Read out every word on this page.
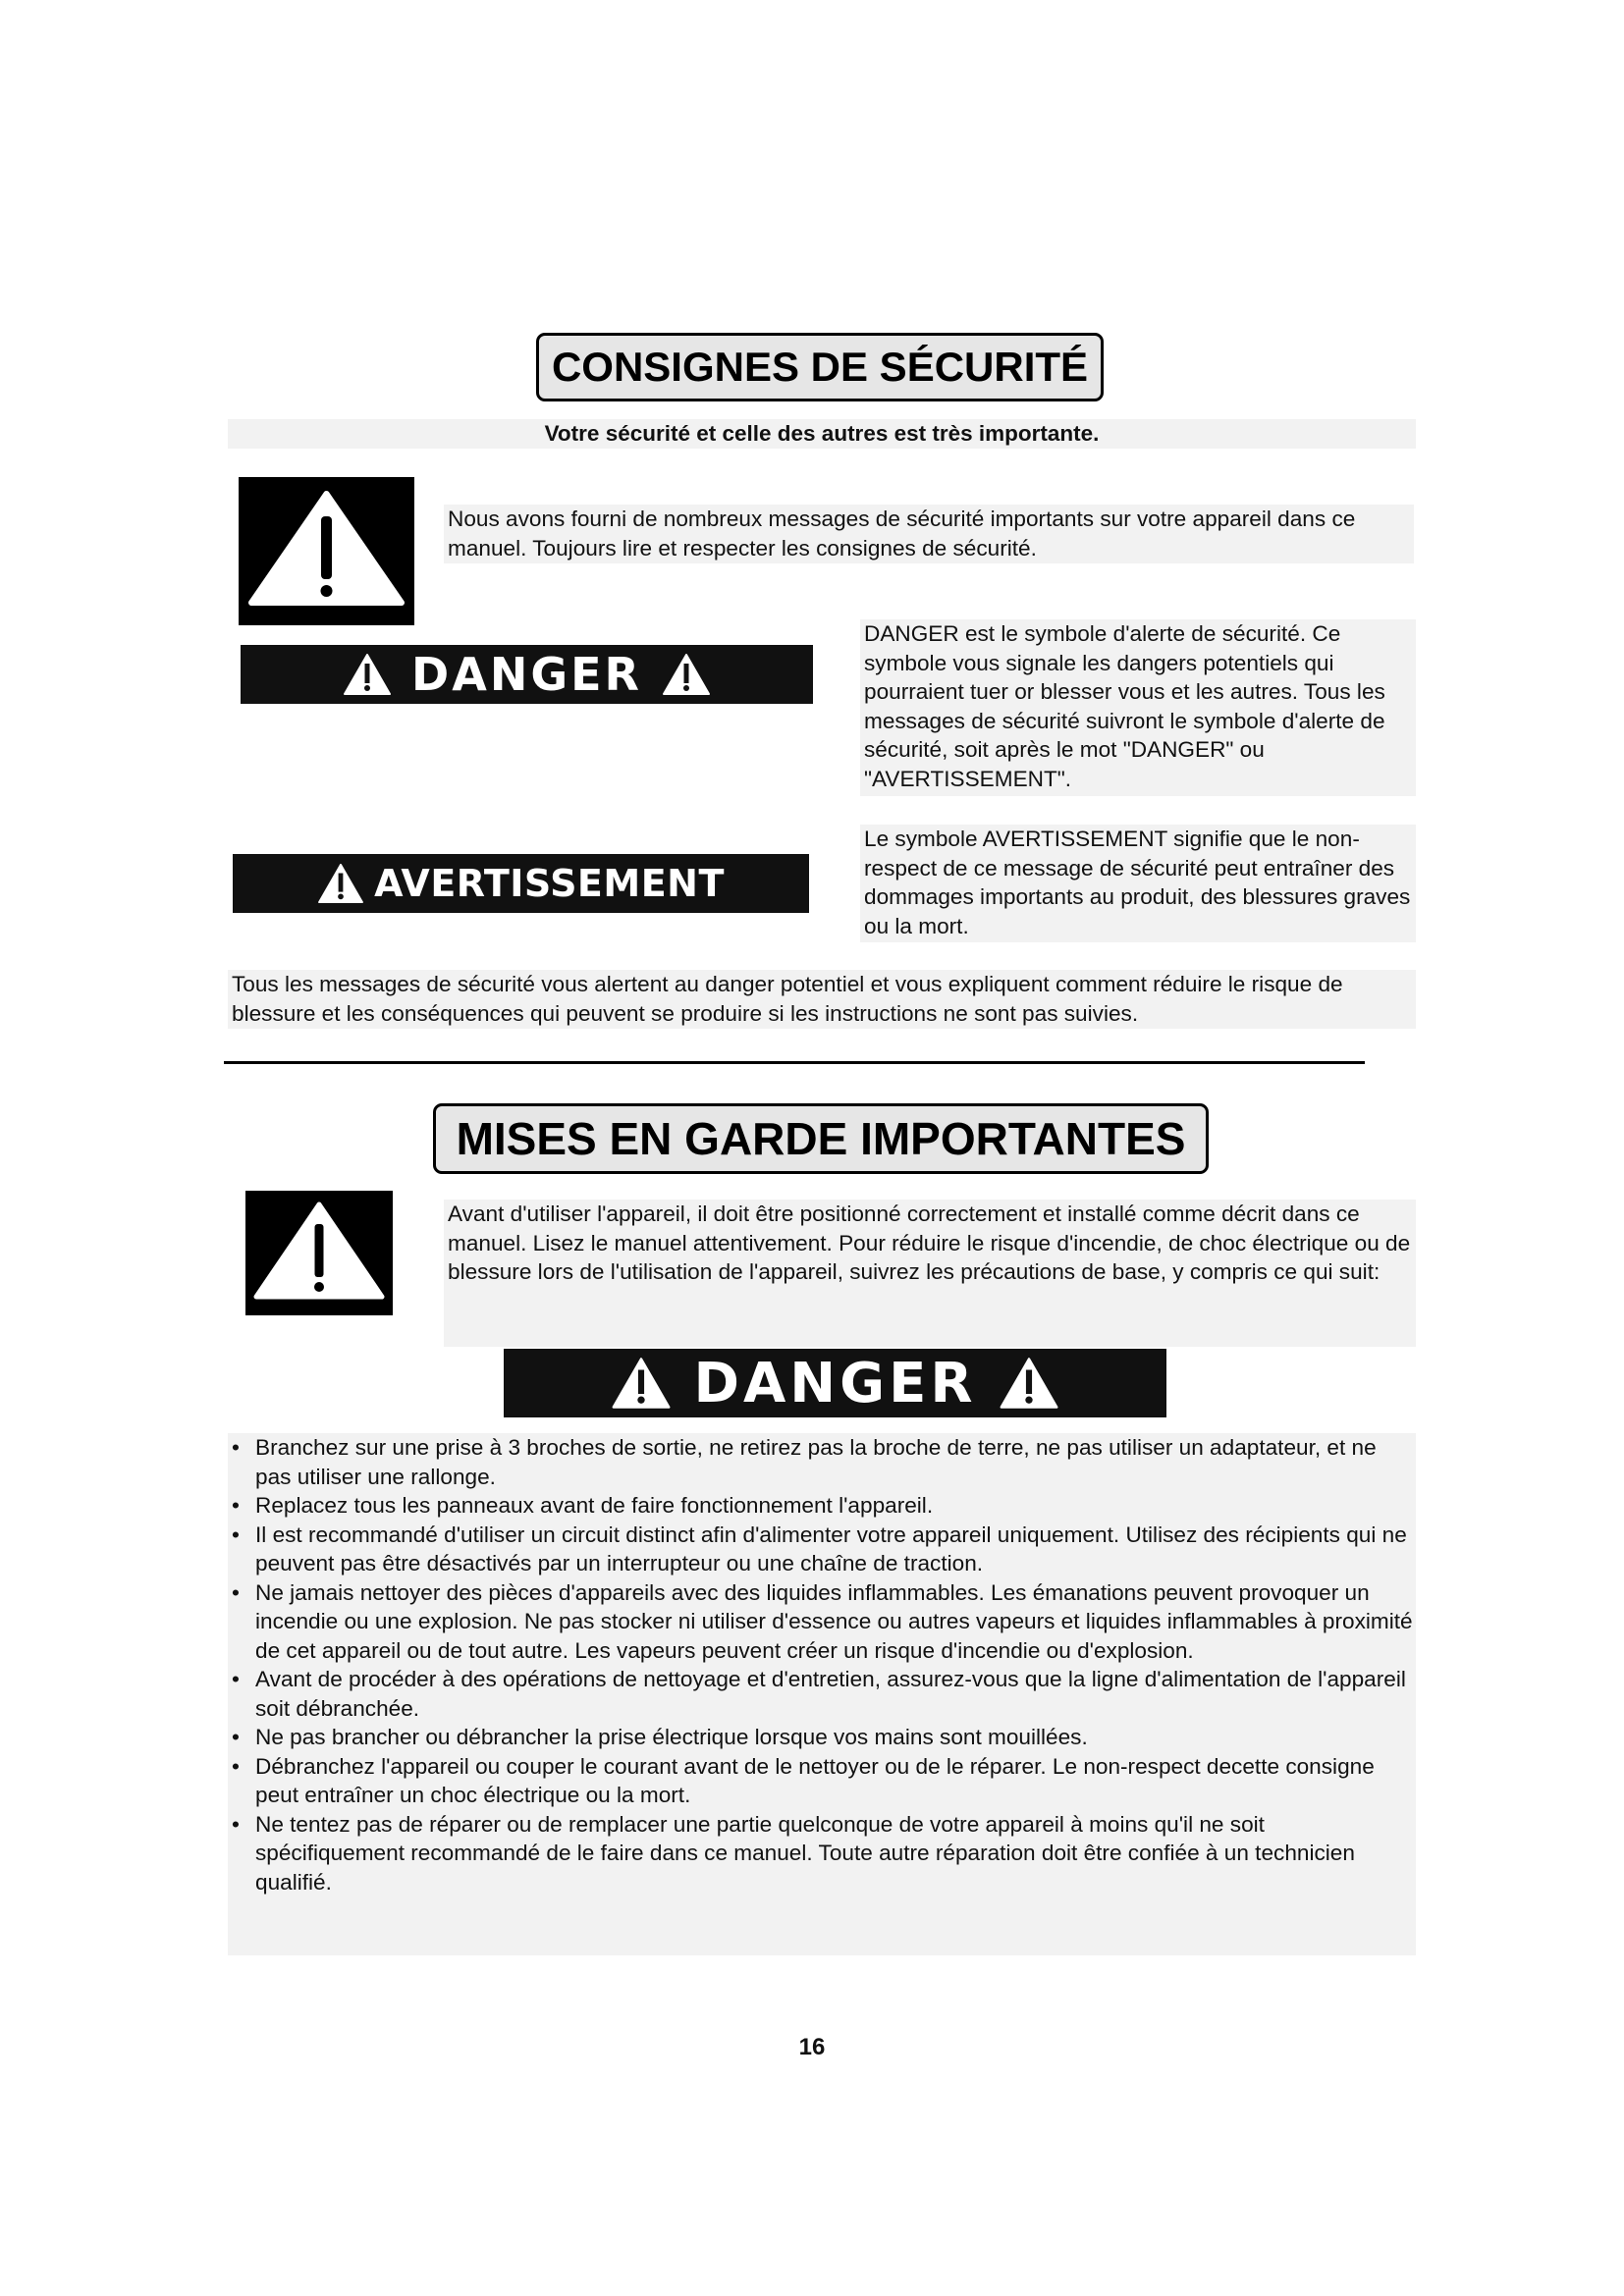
CONSIGNES DE SÉCURITÉ
Votre sécurité et celle des autres est très importante.
Nous avons fourni de nombreux messages de sécurité importants sur votre appareil dans ce manuel. Toujours lire et respecter les consignes de sécurité.
DANGER
DANGER est le symbole d'alerte de sécurité. Ce symbole vous signale les dangers potentiels qui pourraient tuer or blesser vous et les autres. Tous les messages de sécurité suivront le symbole d'alerte de sécurité, soit après le mot "DANGER" ou "AVERTISSEMENT".
AVERTISSEMENT
Le symbole AVERTISSEMENT signifie que le non-respect de ce message de sécurité peut entraîner des dommages importants au produit, des blessures graves ou la mort.
Tous les messages de sécurité vous alertent au danger potentiel et vous expliquent comment réduire le risque de blessure et les conséquences qui peuvent se produire si les instructions ne sont pas suivies.
MISES EN GARDE IMPORTANTES
Avant d'utiliser l'appareil, il doit être positionné correctement et installé comme décrit dans ce manuel. Lisez le manuel attentivement. Pour réduire le risque d'incendie, de choc électrique ou de blessure lors de l'utilisation de l'appareil, suivrez les précautions de base, y compris ce qui suit:
DANGER
• Branchez sur une prise à 3 broches de sortie, ne retirez pas la broche de terre, ne pas utiliser un adaptateur, et ne pas utiliser une rallonge.
• Replacez tous les panneaux avant de faire fonctionnement l'appareil.
• Il est recommandé d'utiliser un circuit distinct afin d'alimenter votre appareil uniquement. Utilisez des récipients qui ne peuvent pas être désactivés par un interrupteur ou une chaîne de traction.
• Ne jamais nettoyer des pièces d'appareils avec des liquides inflammables. Les émanations peuvent provoquer un incendie ou une explosion. Ne pas stocker ni utiliser d'essence ou autres vapeurs et liquides inflammables à proximité de cet appareil ou de tout autre. Les vapeurs peuvent créer un risque d'incendie ou d'explosion.
• Avant de procéder à des opérations de nettoyage et d'entretien, assurez-vous que la ligne d'alimentation de l'appareil soit débranchée.
• Ne pas brancher ou débrancher la prise électrique lorsque vos mains sont mouillées.
• Débranchez l'appareil ou couper le courant avant de le nettoyer ou de le réparer. Le non-respect decette consigne peut entraîner un choc électrique ou la mort.
• Ne tentez pas de réparer ou de remplacer une partie quelconque de votre appareil à moins qu'il ne soit spécifiquement recommandé de le faire dans ce manuel. Toute autre réparation doit être confiée à un technicien qualifié.
16
